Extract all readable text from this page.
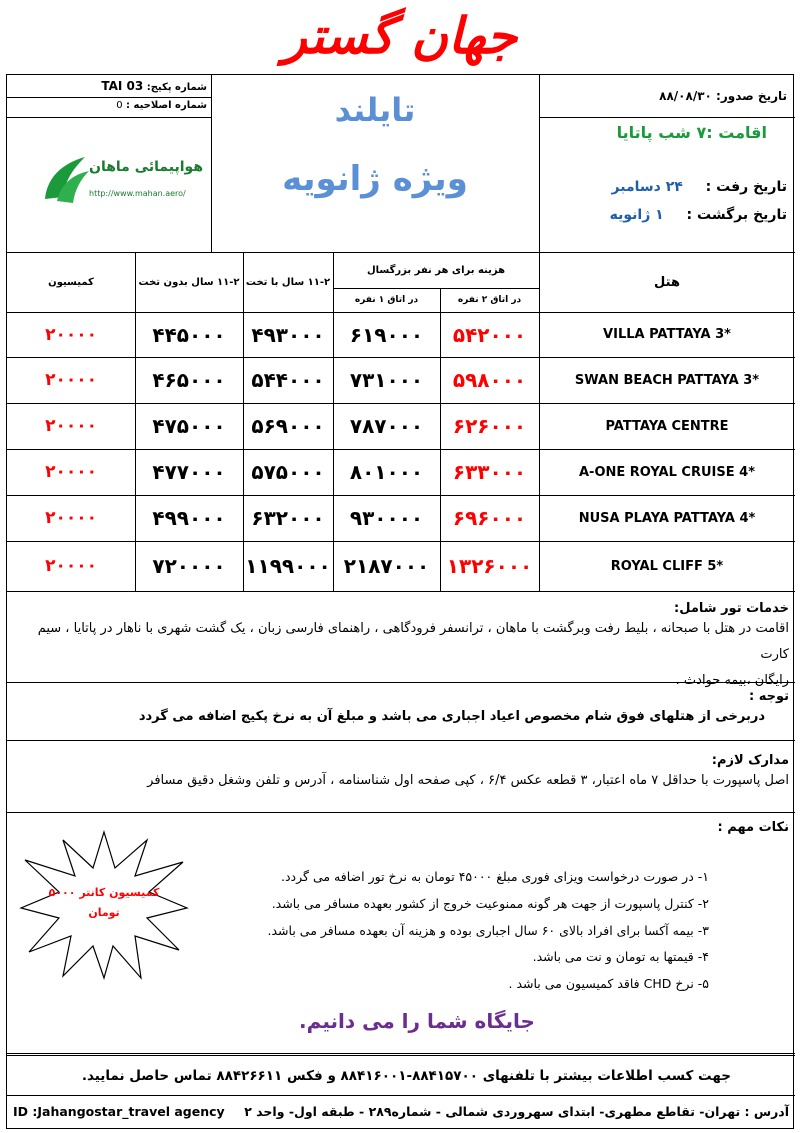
جهان گستر
شماره پکیج: TAI 03
شماره اصلاحیه : 0
هواپیمائی ماهان
http://www.mahan.aero/
تایلند
ویژه ژانویه
تاریخ صدور: ۸۸/۰۸/۳۰
اقامت :۷ شب پاتایا
تاریخ رفت : ۲۴ دسامبر
تاریخ برگشت : ۱ ژانویه
هتل
هزینه برای هر نفر بزرگسال
در اتاق ۲ نفره
در اتاق ۱ نفره
۱۱-۲ سال با تخت
۱۱-۲ سال بدون تخت
کمیسیون
VILLA PATTAYA 3*
۵۴۲۰۰۰
۶۱۹۰۰۰
۴۹۳۰۰۰
۴۴۵۰۰۰
۲۰۰۰۰
SWAN BEACH PATTAYA 3*
۵۹۸۰۰۰
۷۳۱۰۰۰
۵۴۴۰۰۰
۴۶۵۰۰۰
۲۰۰۰۰
PATTAYA CENTRE
۶۲۶۰۰۰
۷۸۷۰۰۰
۵۶۹۰۰۰
۴۷۵۰۰۰
۲۰۰۰۰
A-ONE ROYAL CRUISE 4*
۶۳۳۰۰۰
۸۰۱۰۰۰
۵۷۵۰۰۰
۴۷۷۰۰۰
۲۰۰۰۰
NUSA PLAYA PATTAYA 4*
۶۹۶۰۰۰
۹۳۰۰۰۰
۶۳۲۰۰۰
۴۹۹۰۰۰
۲۰۰۰۰
ROYAL CLIFF 5*
۱۳۲۶۰۰۰
۲۱۸۷۰۰۰
۱۱۹۹۰۰۰
۷۲۰۰۰۰
۲۰۰۰۰
خدمات تور شامل:
اقامت در هتل با صبحانه ، بلیط رفت وبرگشت با ماهان ، ترانسفر فرودگاهی ، راهنمای فارسی زبان ، یک گشت شهری با ناهار در پاتایا ، سیم کارت
رایگان ،بیمه حوادث .
توجه :
دربرخی از هتلهای فوق شام مخصوص اعیاد اجباری می باشد و مبلغ آن به نرخ پکیج اضافه می گردد
مدارک لازم:
اصل پاسپورت با حداقل ۷ ماه اعتبار، ۳ قطعه عکس ۶/۴ ، کپی صفحه اول شناسنامه ، آدرس و تلفن وشغل دقیق مسافر
نکات مهم :
۱- در صورت درخواست ویزای فوری مبلغ ۴۵۰۰۰ تومان به نرخ تور اضافه می گردد.
۲- کنترل پاسپورت از جهت هر گونه ممنوعیت خروج از کشور بعهده مسافر می باشد.
۳- بیمه آکسا برای افراد بالای ۶۰ سال اجباری بوده و هزینه آن بعهده مسافر می باشد.
۴- قیمتها به تومان و نت می باشد.
۵- نرخ CHD فاقد کمیسیون می باشد .
کمیسیون کانتر ۵۰۰۰
تومان
جایگاه شما را می دانیم.
جهت کسب اطلاعات بیشتر با تلفنهای ۸۸۴۱۵۷۰۰-۸۸۴۱۶۰۰۱ و فکس ۸۸۴۲۶۶۱۱ تماس حاصل نمایید.
آدرس : تهران- تقاطع مطهری- ابتدای سهروردی شمالی - شماره۲۸۹ - طبقه اول- واحد ۲
ID :Jahangostar_travel agency
